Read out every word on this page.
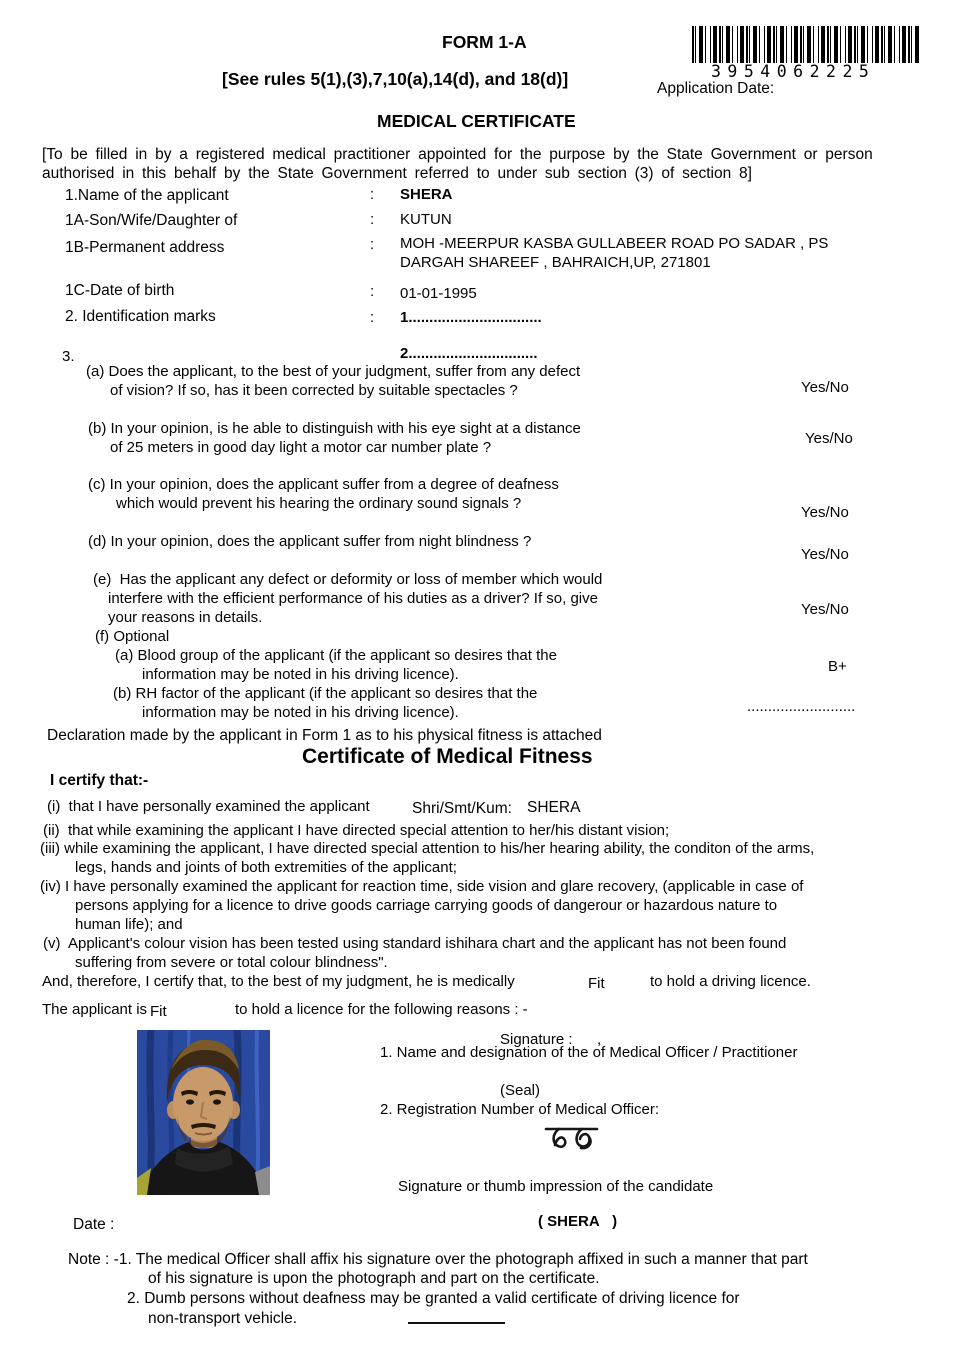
FORM 1-A
3954062225
[See rules 5(1),(3),7,10(a),14(d), and 18(d)]	Application Date:
MEDICAL CERTIFICATE
[To be filled in by a registered medical practitioner appointed for the purpose by the State Government or person
authorised in this behalf by the State Government referred to under sub section (3) of section 8]
1.Name of the applicant	: SHERA
1A-Son/Wife/Daughter of	: KUTUN
1B-Permanent address	: MOH -MEERPUR KASBA GULLABEER ROAD PO SADAR , PS
DARGAH SHAREEF , BAHRAICH,UP, 271801
1C-Date of birth	: 01-01-1995
2. Identification marks	: 1................................
3.	2...............................
(a) Does the applicant, to the best of your judgment, suffer from any defect
of vision? If so, has it been corrected by suitable spectacles ?	Yes/No
(b) In your opinion, is he able to distinguish with his eye sight at a distance
of 25 meters in good day light a motor car number plate ?
Yes/No
(c) In your opinion, does the applicant suffer from a degree of deafness
which would prevent his hearing the ordinary sound signals ?
Yes/No
(d) In your opinion, does the applicant suffer from night blindness ?
Yes/No
(e)  Has the applicant any defect or deformity or loss of member which would
interfere with the efficient performance of his duties as a driver? If so, give
your reasons in details.	Yes/No
(f) Optional
(a) Blood group of the applicant (if the applicant so desires that the
information may be noted in his driving licence).	B+
(b) RH factor of the applicant (if the applicant so desires that the
information may be noted in his driving licence).	..........................
Declaration made by the applicant in Form 1 as to his physical fitness is attached
Certificate of Medical Fitness
I certify that:-
(i)  that I have personally examined the applicant	Shri/Smt/Kum: SHERA
(ii)  that while examining the applicant I have directed special attention to her/his distant vision;
(iii) while examining the applicant, I have directed special attention to his/her hearing ability, the conditon of the arms,
legs, hands and joints of both extremities of the applicant;
(iv) I have personally examined the applicant for reaction time, side vision and glare recovery, (applicable in case of
persons applying for a licence to drive goods carriage carrying goods of dangerour or hazardous nature to
human life); and
(v)  Applicant's colour vision has been tested using standard ishihara chart and the applicant has not been found
suffering from severe or total colour blindness".
And, therefore, I certify that, to the best of my judgment, he is medically	Fit	to hold a driving licence.
The applicant is Fit	to hold a licence for the following reasons : -
Signature : ,
1. Name and designation of the of Medical Officer / Practitioner
(Seal)
2. Registration Number of Medical Officer:
Signature or thumb impression of the candidate
( SHERA   )
Date :
Note : -1. The medical Officer shall affix his signature over the photograph affixed in such a manner that part
of his signature is upon the photograph and part on the certificate.
2. Dumb persons without deafness may be granted a valid certificate of driving licence for
non-transport vehicle.
